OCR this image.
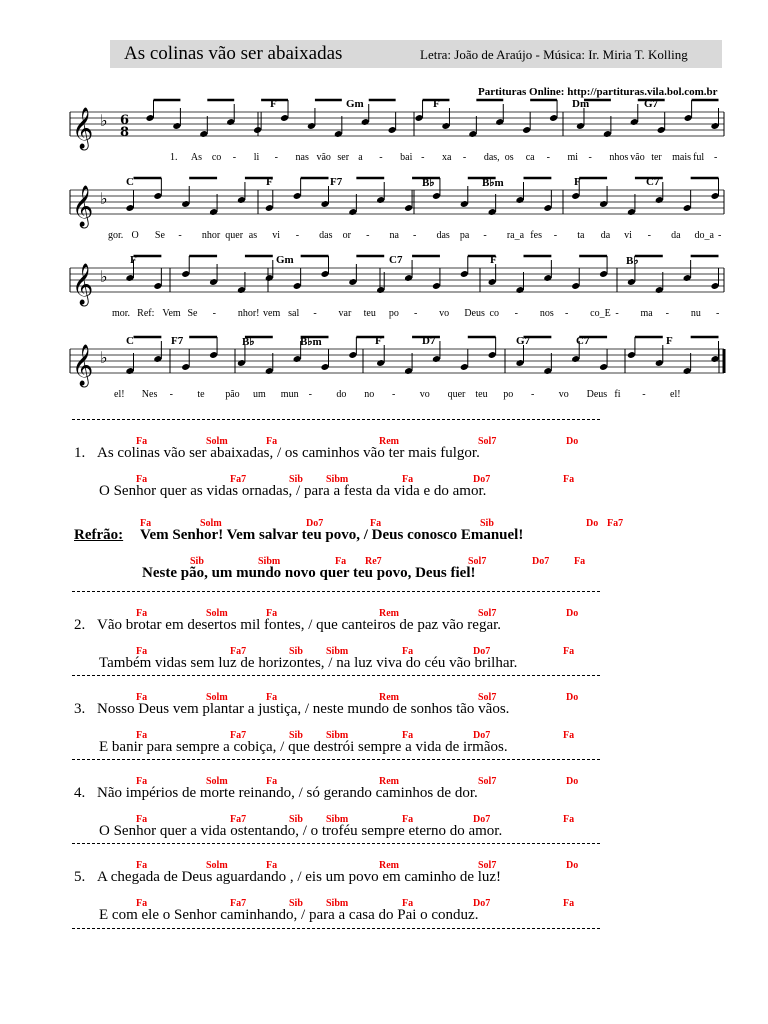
As colinas vão ser abaixadas	Letra: João de Araújo - Música: Ir. Miria T. Kolling
Partituras Online: http://partituras.vila.bol.com.br
𝄞 ♭ 6
8
F	Gm	F	Dm	G7
1. As co - li - nas vão ser a - bai - xa - das, os ca - mi - nhos vão ter mais ful -
𝄞 ♭
C	F	F7	B♭	B♭m	F	C7
gor. O Se - nhor quer as vi - das or - na - das pa - ra_a fes - ta da vi - da do_a -
𝄞 ♭
F	Gm	C7	F	B♭
mor. Ref: Vem Se - nhor! vem sal - var teu po - vo Deus co - nos - co_E - ma - nu -
𝄞 ♭
C	F7	B♭	B♭m	F	D7	G7	C7	F
el! Nes - te pão um mun - do no - vo quer teu po - vo Deus fi - el!
Fa	Solm	Fa	Rem	Sol7	Do
As colinas vão ser abaixadas, / os caminhos vão ter mais fulgor.
Fa	Fa7	Sib Sibm	Fa	Do7	Fa
O Senhor quer as vidas ornadas, / para a festa da vida e do amor.
1.
Fa	Solm	Do7	Fa	Sib	Do Fa7
Vem Senhor! Vem salvar teu povo, / Deus conosco Emanuel!
Sib	Sibm	Fa Re7	Sol7	Do7 Fa
Neste pão, um mundo novo quer teu povo, Deus fiel!
Refrão:
Fa	Solm	Fa	Rem	Sol7	Do
Vão brotar em desertos mil fontes, / que canteiros de paz vão regar.
Fa	Fa7	Sib Sibm	Fa	Do7	Fa
Também vidas sem luz de horizontes, / na luz viva do céu vão brilhar.
2.
Fa	Solm	Fa	Rem	Sol7	Do
Nosso Deus vem plantar a justiça, / neste mundo de sonhos tão vãos.
Fa	Fa7	Sib Sibm	Fa	Do7	Fa
E banir para sempre a cobiça, / que destrói sempre a vida de irmãos.
3.
Fa	Solm	Fa	Rem	Sol7	Do
Não impérios de morte reinando, / só gerando caminhos de dor.
Fa	Fa7	Sib Sibm	Fa	Do7	Fa
O Senhor quer a vida ostentando, / o troféu sempre eterno do amor.
4.
Fa	Solm	Fa	Rem	Sol7	Do
A chegada de Deus aguardando , / eis um povo em caminho de luz!
Fa	Fa7	Sib Sibm	Fa	Do7	Fa
E com ele o Senhor caminhando, / para a casa do Pai o conduz.
5.
